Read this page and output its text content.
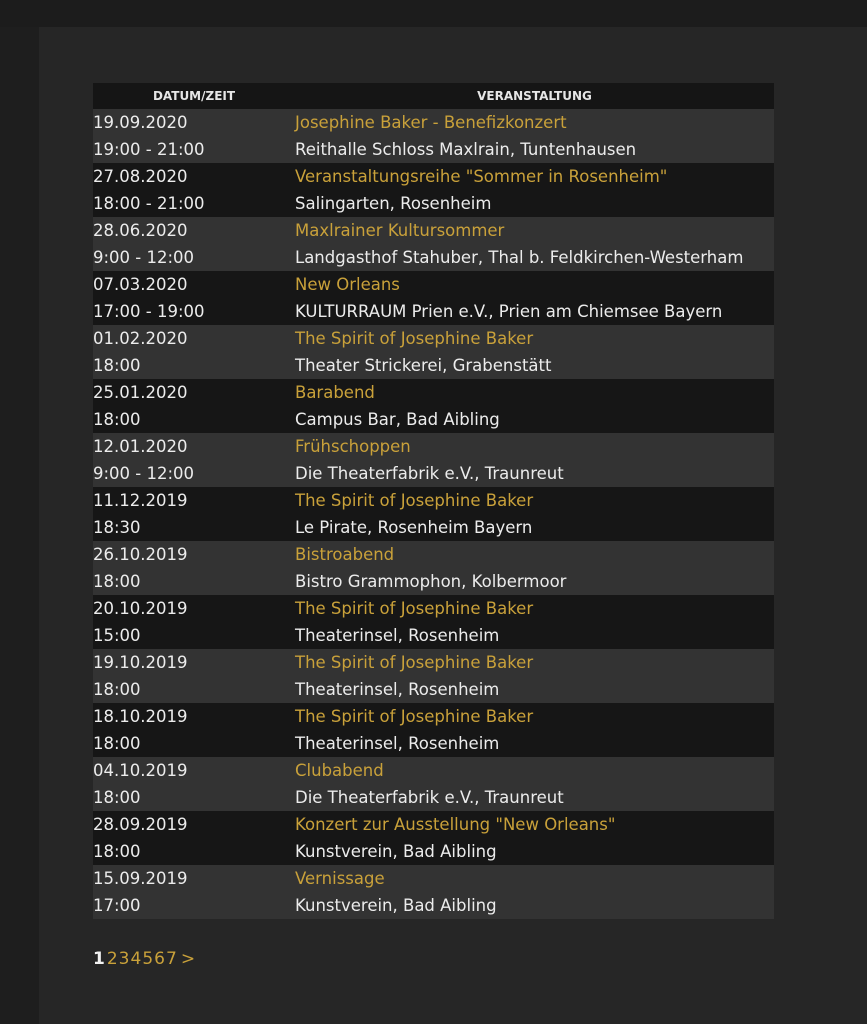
DATUM/ZEIT	VERANSTALTUNG
19.09.2020	Josephine Baker - Benefizkonzert
19:00 - 21:00	Reithalle Schloss Maxlrain, Tuntenhausen
27.08.2020	Veranstaltungsreihe "Sommer in Rosenheim"
18:00 - 21:00	Salingarten, Rosenheim
28.06.2020	Maxlrainer Kultursommer
9:00 - 12:00	Landgasthof Stahuber, Thal b. Feldkirchen-Westerham
07.03.2020	New Orleans
17:00 - 19:00	KULTURRAUM Prien e.V., Prien am Chiemsee Bayern
01.02.2020	The Spirit of Josephine Baker
18:00	Theater Strickerei, Grabenstätt
25.01.2020	Barabend
18:00	Campus Bar, Bad Aibling
12.01.2020	Frühschoppen
9:00 - 12:00	Die Theaterfabrik e.V., Traunreut
11.12.2019	The Spirit of Josephine Baker
18:30	Le Pirate, Rosenheim Bayern
26.10.2019	Bistroabend
18:00	Bistro Grammophon, Kolbermoor
20.10.2019	The Spirit of Josephine Baker
15:00	Theaterinsel, Rosenheim
19.10.2019	The Spirit of Josephine Baker
18:00	Theaterinsel, Rosenheim
18.10.2019	The Spirit of Josephine Baker
18:00	Theaterinsel, Rosenheim
04.10.2019	Clubabend
18:00	Die Theaterfabrik e.V., Traunreut
28.09.2019	Konzert zur Ausstellung "New Orleans"
18:00	Kunstverein, Bad Aibling
15.09.2019	Vernissage
17:00	Kunstverein, Bad Aibling
1 234567 >
